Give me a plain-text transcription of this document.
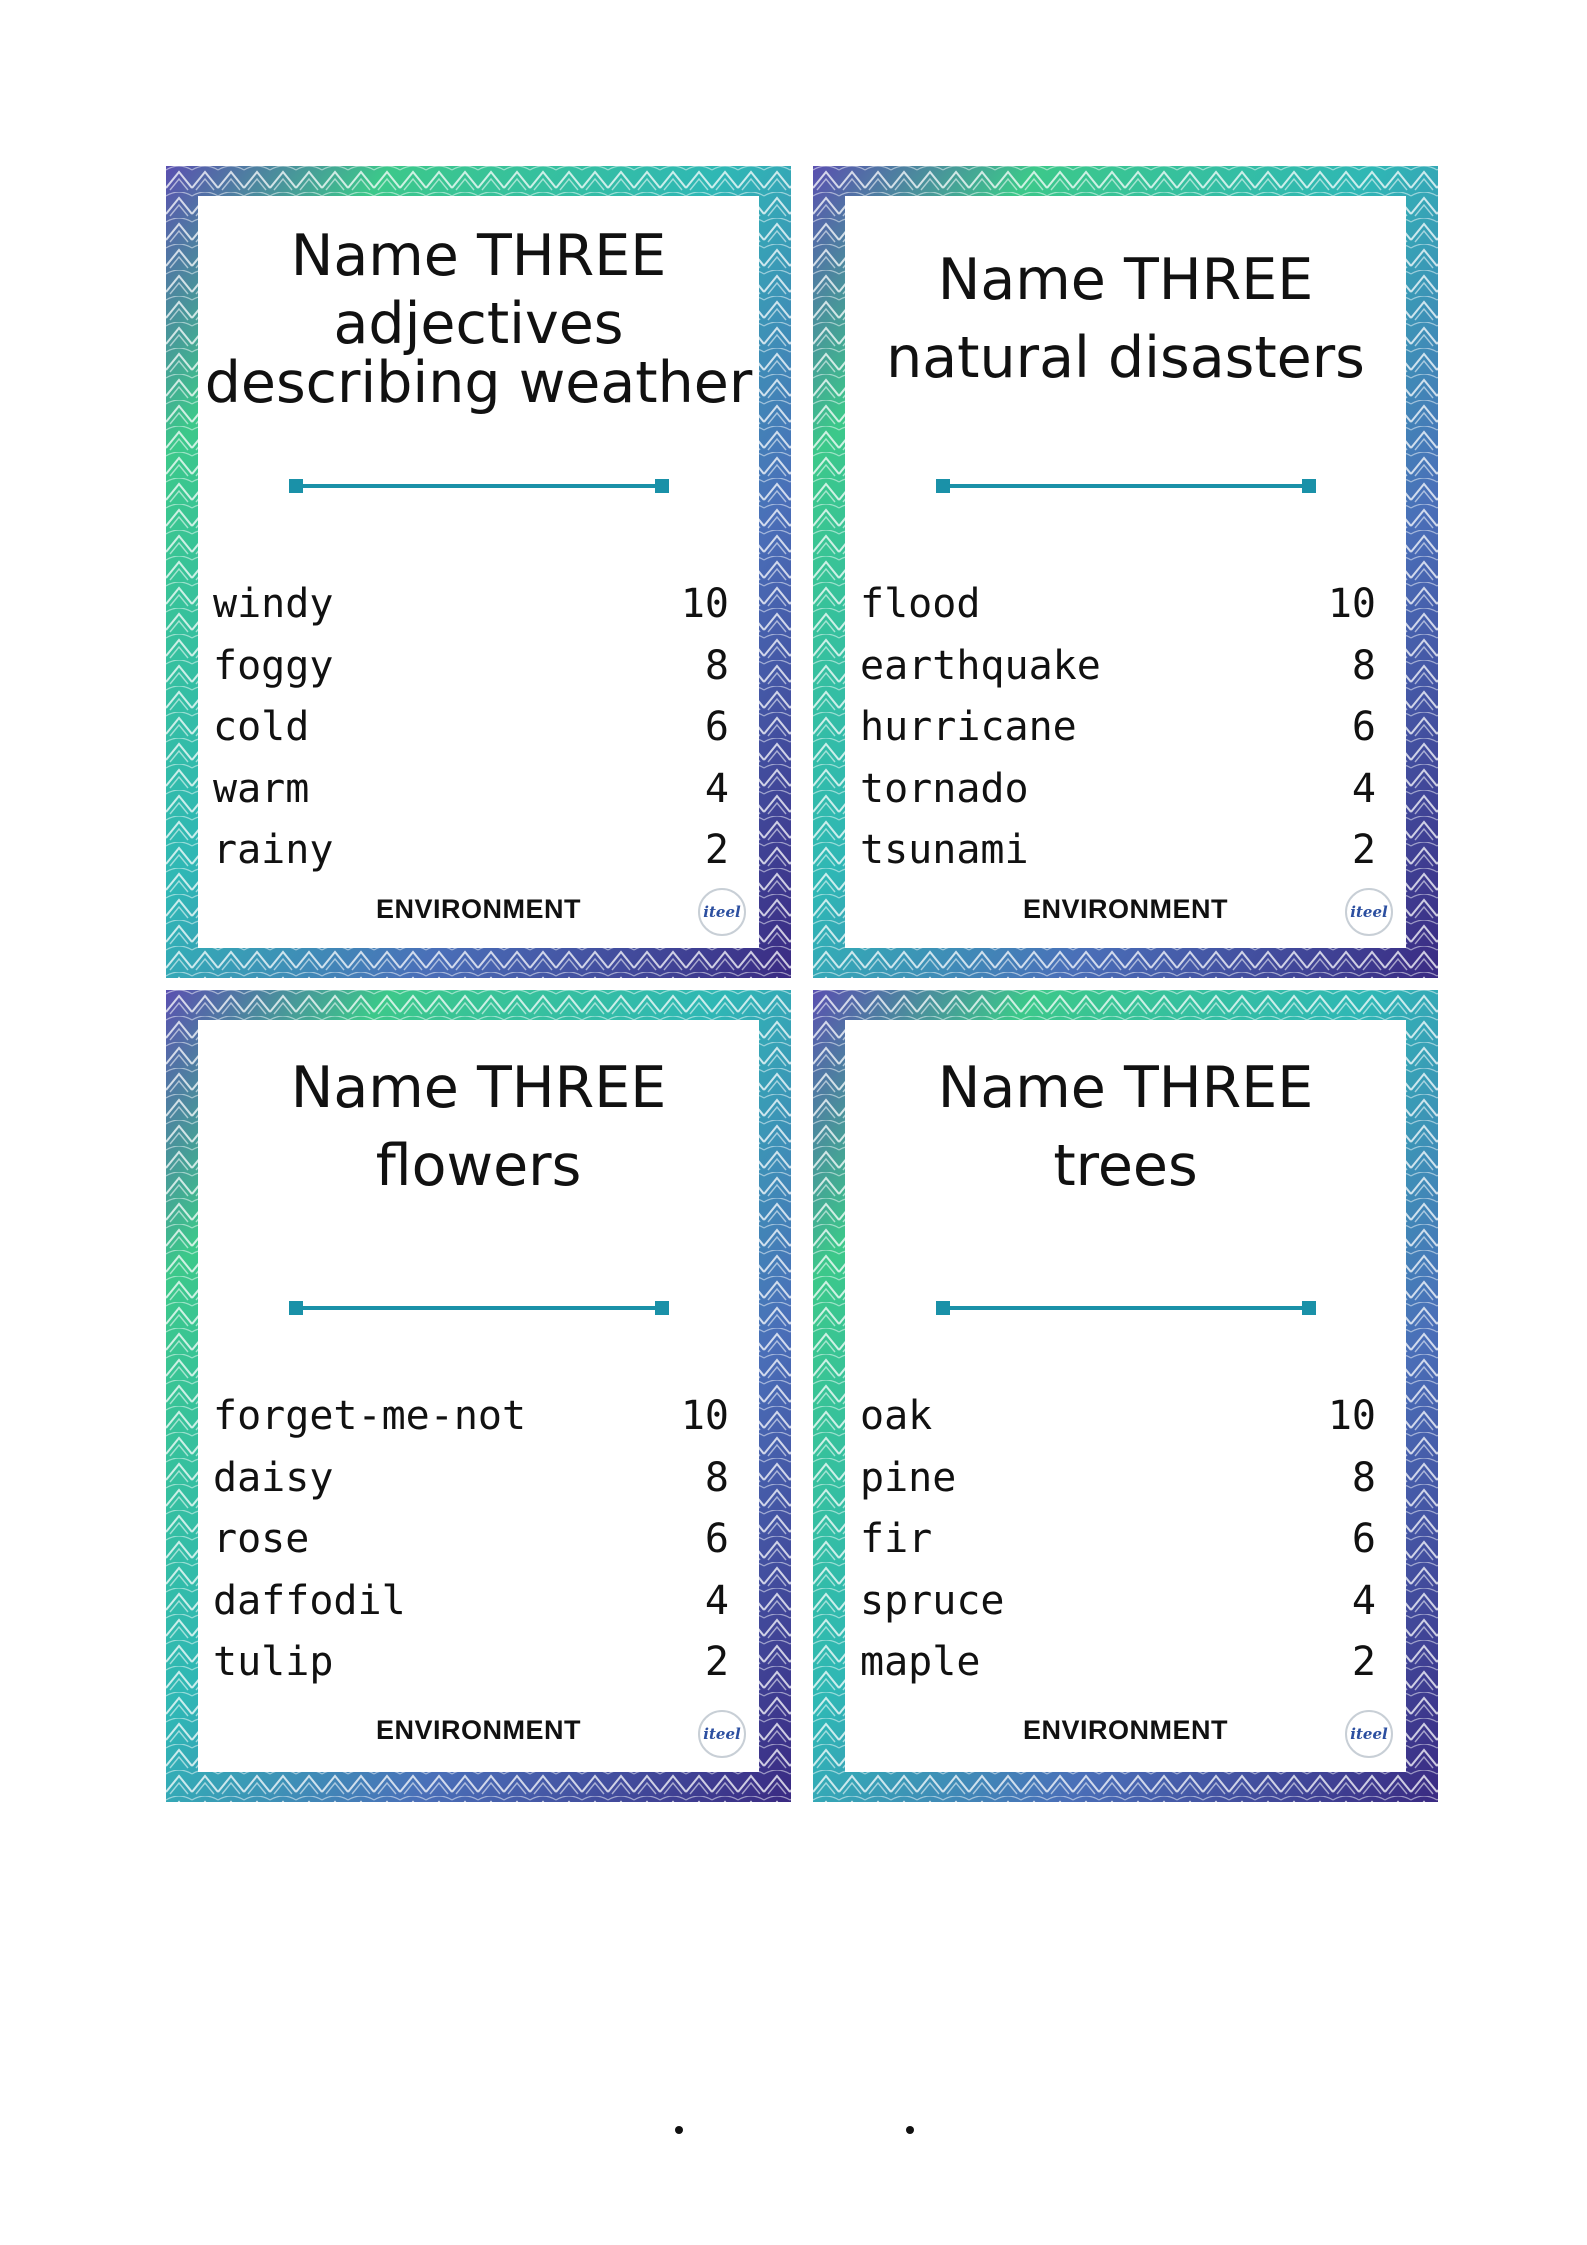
Name THREE
adjectives
describing weather
windy	10
foggy	8
cold	6
warm	4
rainy	2
ENVIRONMENT	iteel
Name THREE
natural disasters
flood	10
earthquake	8
hurricane	6
tornado	4
tsunami	2
ENVIRONMENT	iteel
Name THREE
flowers
forget-me-not	10
daisy	8
rose	6
daffodil	4
tulip	2
ENVIRONMENT	iteel
Name THREE
trees
oak	10
pine	8
fir	6
spruce	4
maple	2
ENVIRONMENT	iteel
